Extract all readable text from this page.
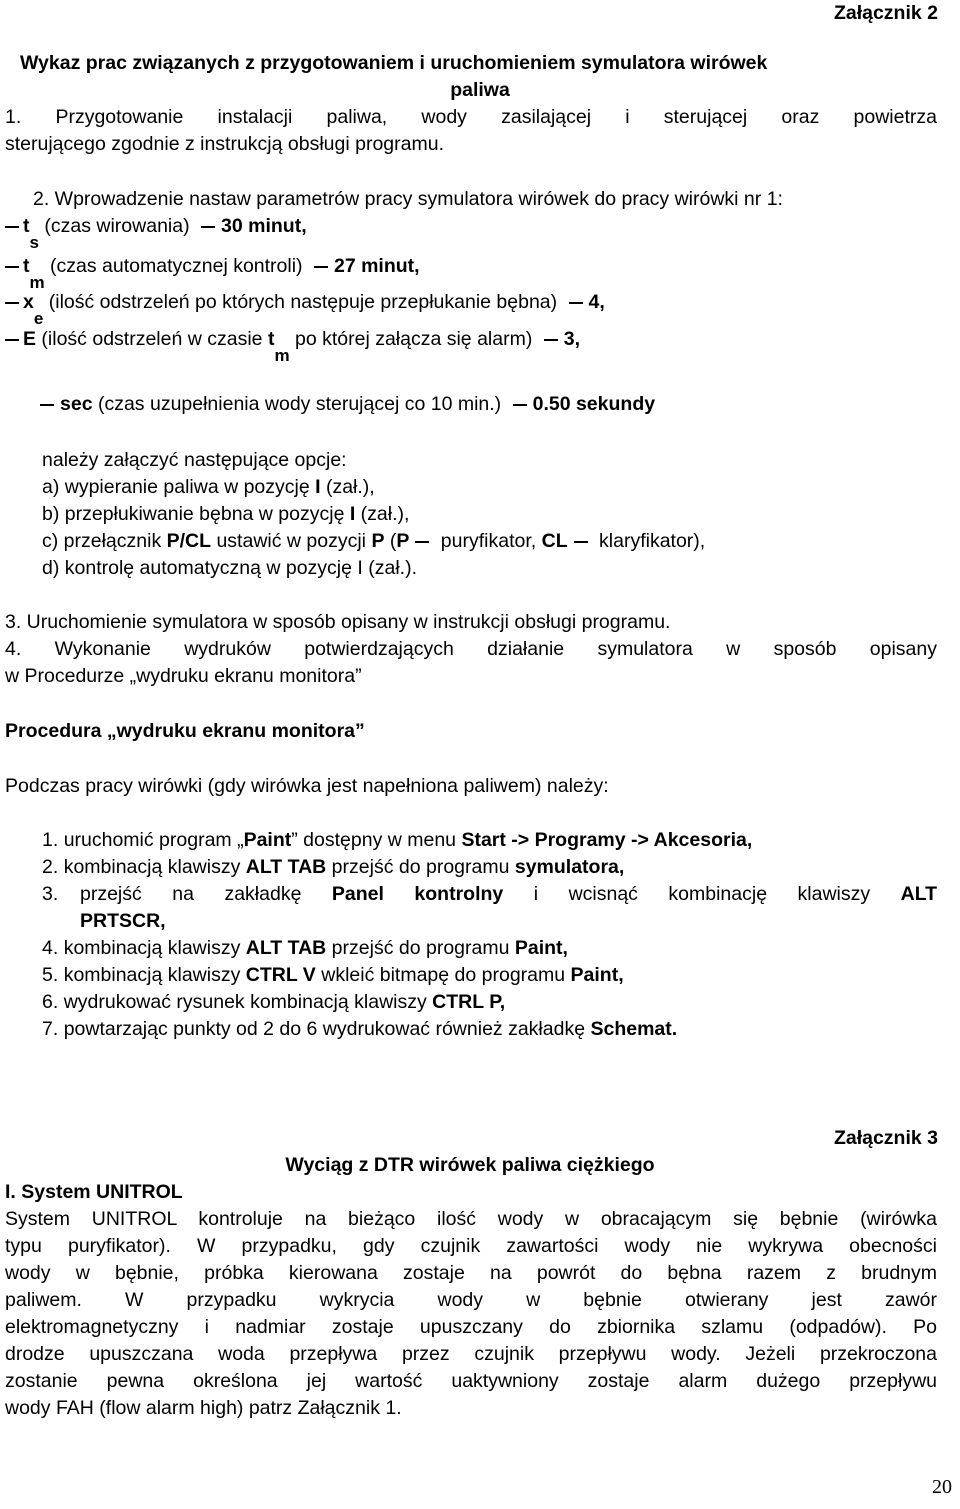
Załącznik 2
Wykaz prac związanych z przygotowaniem i uruchomieniem symulatora wirówek
paliwa
1. Przygotowanie instalacji paliwa, wody zasilającej i sterującej oraz powietrza
sterującego zgodnie z instrukcją obsługi programu.
2. Wprowadzenie nastaw parametrów pracy symulatora wirówek do pracy wirówki nr 1:
ts (czas wirowania) 30 minut,
tm (czas automatycznej kontroli) 27 minut,
xe (ilość odstrzeleń po których następuje przepłukanie bębna) 4,
E (ilość odstrzeleń w czasie tm po której załącza się alarm) 3,
sec (czas uzupełnienia wody sterującej co 10 min.) 0.50 sekundy
należy załączyć następujące opcje:
a) wypieranie paliwa w pozycję I (zał.),
b) przepłukiwanie bębna w pozycję I (zał.),
c) przełącznik P/CL ustawić w pozycji P (P puryfikator, CL klaryfikator),
d) kontrolę automatyczną w pozycję I (zał.).
3. Uruchomienie symulatora w sposób opisany w instrukcji obsługi programu.
4. Wykonanie wydruków potwierdzających działanie symulatora w sposób opisany
w Procedurze „wydruku ekranu monitora”
Procedura „wydruku ekranu monitora”
Podczas pracy wirówki (gdy wirówka jest napełniona paliwem) należy:
1. uruchomić program „Paint” dostępny w menu Start -> Programy -> Akcesoria,
2. kombinacją klawiszy ALT TAB przejść do programu symulatora,
3. przejść na zakładkę Panel kontrolny i wcisnąć kombinację klawiszy ALT
PRTSCR,
4. kombinacją klawiszy ALT TAB przejść do programu Paint,
5. kombinacją klawiszy CTRL V wkleić bitmapę do programu Paint,
6. wydrukować rysunek kombinacją klawiszy CTRL P,
7. powtarzając punkty od 2 do 6 wydrukować również zakładkę Schemat.
Załącznik 3
Wyciąg z DTR wirówek paliwa ciężkiego
I. System UNITROL
System UNITROL kontroluje na bieżąco ilość wody w obracającym się bębnie (wirówka
typu puryfikator). W przypadku, gdy czujnik zawartości wody nie wykrywa obecności
wody w bębnie, próbka kierowana zostaje na powrót do bębna razem z brudnym
paliwem. W przypadku wykrycia wody w bębnie otwierany jest zawór
elektromagnetyczny i nadmiar zostaje upuszczany do zbiornika szlamu (odpadów). Po
drodze upuszczana woda przepływa przez czujnik przepływu wody. Jeżeli przekroczona
zostanie pewna określona jej wartość uaktywniony zostaje alarm dużego przepływu
wody FAH (flow alarm high) patrz Załącznik 1.
20
